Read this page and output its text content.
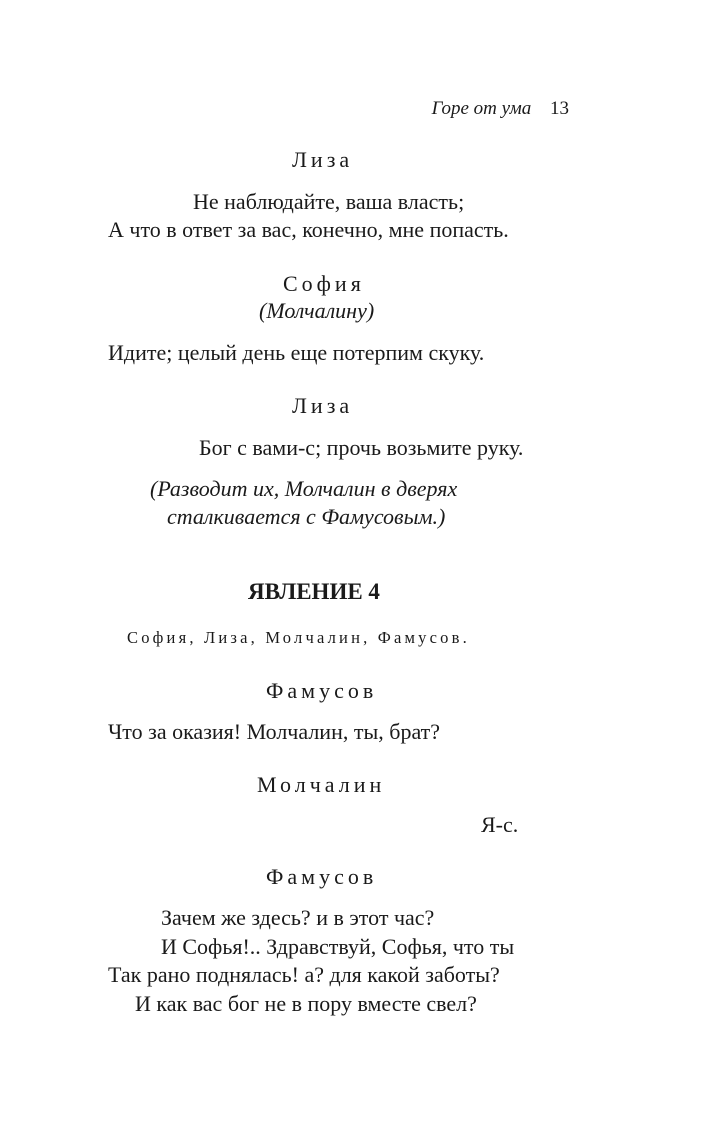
Горе от ума 13
Лиза
Не наблюдайте, ваша власть;
А что в ответ за вас, конечно, мне попасть.
София
(Молчалину)
Идите; целый день еще потерпим скуку.
Лиза
Бог с вами-с; прочь возьмите руку.
(Разводит их, Молчалин в дверях
сталкивается с Фамусовым.)
ЯВЛЕНИЕ 4
София, Лиза, Молчалин, Фамусов.
Фамусов
Что за оказия! Молчалин, ты, брат?
Молчалин
Я-с.
Фамусов
Зачем же здесь? и в этот час?
И Софья!.. Здравствуй, Софья, что ты
Так рано поднялась! а? для какой заботы?
И как вас бог не в пору вместе свел?
